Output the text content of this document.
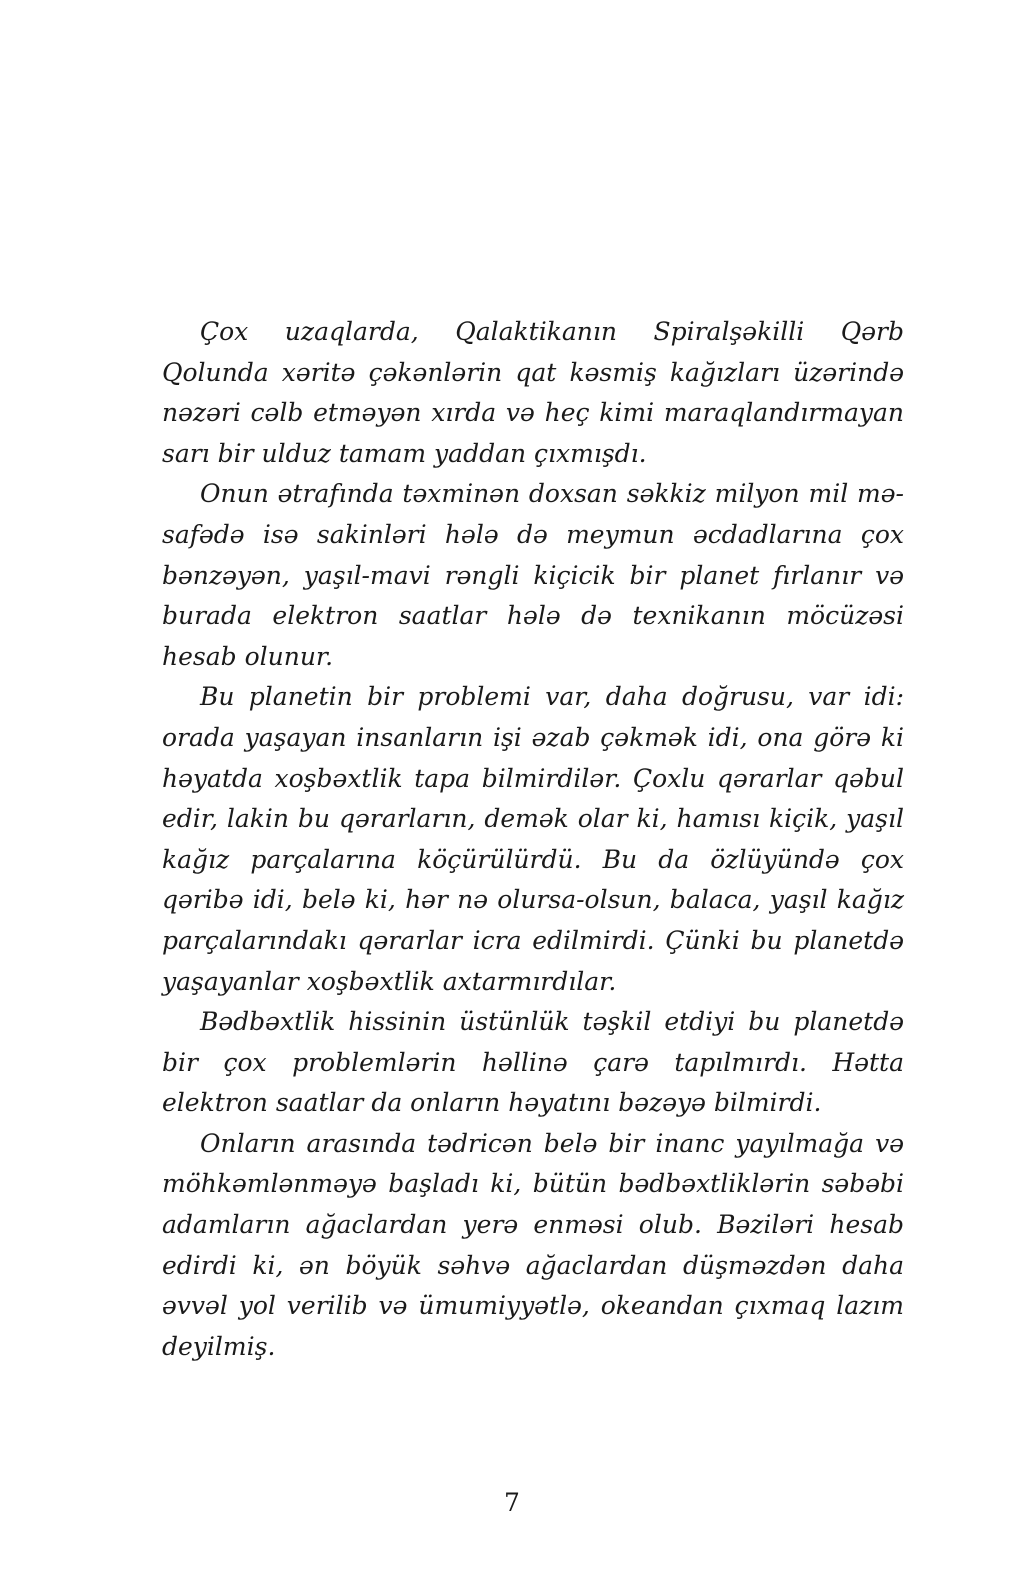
Çox uzaqlarda, Qalaktikanın Spiralşəkilli Qərb Qolunda xəritə çəkənlərin qat kəsmiş kağızları üzərində nəzəri cəlb etməyən xırda və heç kimi maraqlandırmayan sarı bir ulduz tamam yaddan çıxmışdı.

Onun ətrafında təxminən doxsan səkkiz milyon mil məsafədə isə sakinləri hələ də meymun əcdadlarına çox bənzəyən, yaşıl-mavi rəngli kiçicik bir planet fırlanır və burada elektron saatlar hələ də texnikanın möcüzəsi hesab olunur.

Bu planetin bir problemi var, daha doğrusu, var idi: orada yaşayan insanların işi əzab çəkmək idi, ona görə ki həyatda xoşbəxtlik tapa bilmirdilər. Çoxlu qərarlar qəbul edir, lakin bu qərarların, demək olar ki, hamısı kiçik, yaşıl kağız parçalarına köçürülürdü. Bu da özlüyündə çox qəribə idi, belə ki, hər nə olursa-olsun, balaca, yaşıl kağız parçalarındakı qərarlar icra edilmirdi. Çünki bu planetdə yaşayanlar xoşbəxtlik axtarmırdılar.

Bədbəxtlik hissinin üstünlük təşkil etdiyi bu planetdə bir çox problemlərin həllinə çarə tapılmırdı. Hətta elektron saatlar da onların həyatını bəzəyə bilmirdi.

Onların arasında tədricən belə bir inanc yayılmağa və möhkəmlənməyə başladı ki, bütün bədbəxtliklərin səbəbi adamların ağaclardan yerə enməsi olub. Bəziləri hesab edirdi ki, ən böyük səhvə ağaclardan düşməzdən daha əvvəl yol verilib və ümumiyyətlə, okeandan çıxmaq lazım deyilmiş.

7
